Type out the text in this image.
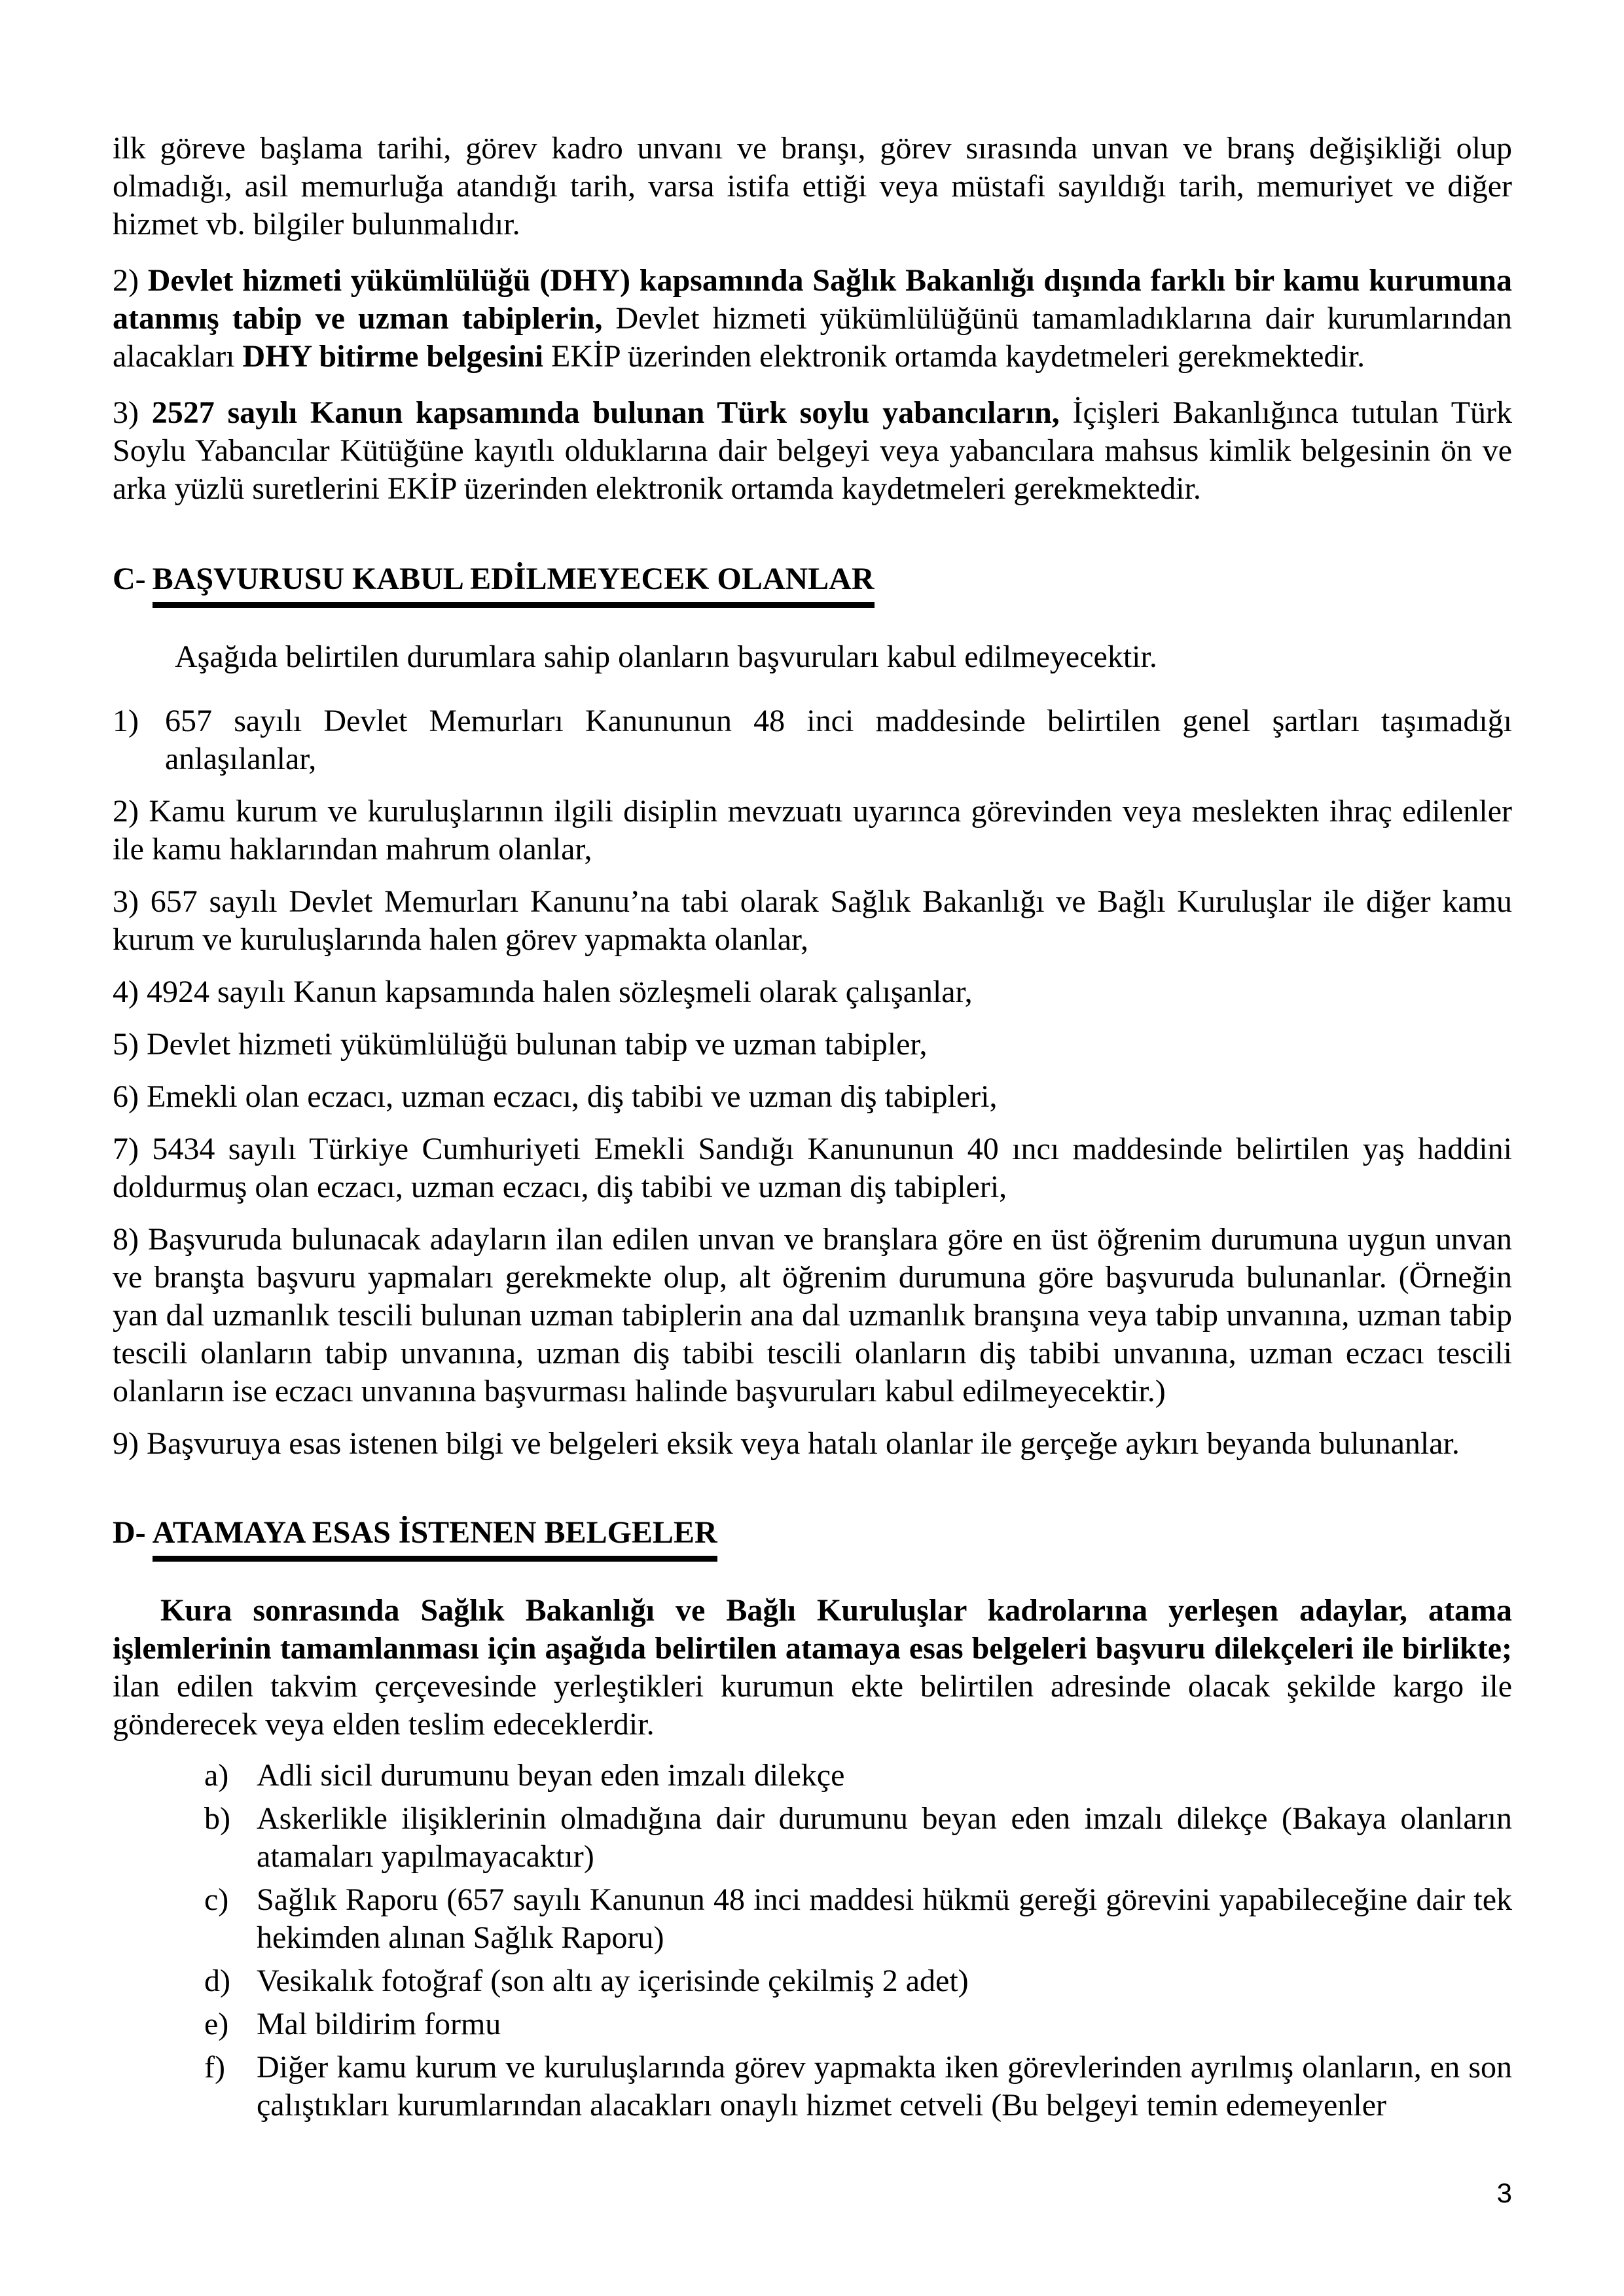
ilk göreve başlama tarihi, görev kadro unvanı ve branşı, görev sırasında unvan ve branş değişikliği olup olmadığı, asil memurluğa atandığı tarih, varsa istifa ettiği veya müstafi sayıldığı tarih, memuriyet ve diğer hizmet vb. bilgiler bulunmalıdır.

2) Devlet hizmeti yükümlülüğü (DHY) kapsamında Sağlık Bakanlığı dışında farklı bir kamu kurumuna atanmış tabip ve uzman tabiplerin, Devlet hizmeti yükümlülüğünü tamamladıklarına dair kurumlarından alacakları DHY bitirme belgesini EKİP üzerinden elektronik ortamda kaydetmeleri gerekmektedir.

3) 2527 sayılı Kanun kapsamında bulunan Türk soylu yabancıların, İçişleri Bakanlığınca tutulan Türk Soylu Yabancılar Kütüğüne kayıtlı olduklarına dair belgeyi veya yabancılara mahsus kimlik belgesinin ön ve arka yüzlü suretlerini EKİP üzerinden elektronik ortamda kaydetmeleri gerekmektedir.

C- BAŞVURUSU KABUL EDİLMEYECEK OLANLAR

Aşağıda belirtilen durumlara sahip olanların başvuruları kabul edilmeyecektir.

1) 657 sayılı Devlet Memurları Kanununun 48 inci maddesinde belirtilen genel şartları taşımadığı anlaşılanlar,

2) Kamu kurum ve kuruluşlarının ilgili disiplin mevzuatı uyarınca görevinden veya meslekten ihraç edilenler ile kamu haklarından mahrum olanlar,

3) 657 sayılı Devlet Memurları Kanunu’na tabi olarak Sağlık Bakanlığı ve Bağlı Kuruluşlar ile diğer kamu kurum ve kuruluşlarında halen görev yapmakta olanlar,

4) 4924 sayılı Kanun kapsamında halen sözleşmeli olarak çalışanlar,

5) Devlet hizmeti yükümlülüğü bulunan tabip ve uzman tabipler,

6) Emekli olan eczacı, uzman eczacı, diş tabibi ve uzman diş tabipleri,

7) 5434 sayılı Türkiye Cumhuriyeti Emekli Sandığı Kanununun 40 ıncı maddesinde belirtilen yaş haddini doldurmuş olan eczacı, uzman eczacı, diş tabibi ve uzman diş tabipleri,

8) Başvuruda bulunacak adayların ilan edilen unvan ve branşlara göre en üst öğrenim durumuna uygun unvan ve branşta başvuru yapmaları gerekmekte olup, alt öğrenim durumuna göre başvuruda bulunanlar. (Örneğin yan dal uzmanlık tescili bulunan uzman tabiplerin ana dal uzmanlık branşına veya tabip unvanına, uzman tabip tescili olanların tabip unvanına, uzman diş tabibi tescili olanların diş tabibi unvanına, uzman eczacı tescili olanların ise eczacı unvanına başvurması halinde başvuruları kabul edilmeyecektir.)

9) Başvuruya esas istenen bilgi ve belgeleri eksik veya hatalı olanlar ile gerçeğe aykırı beyanda bulunanlar.

D- ATAMAYA ESAS İSTENEN BELGELER

Kura sonrasında Sağlık Bakanlığı ve Bağlı Kuruluşlar kadrolarına yerleşen adaylar, atama işlemlerinin tamamlanması için aşağıda belirtilen atamaya esas belgeleri başvuru dilekçeleri ile birlikte; ilan edilen takvim çerçevesinde yerleştikleri kurumun ekte belirtilen adresinde olacak şekilde kargo ile gönderecek veya elden teslim edeceklerdir.

a) Adli sicil durumunu beyan eden imzalı dilekçe
b) Askerlikle ilişiklerinin olmadığına dair durumunu beyan eden imzalı dilekçe (Bakaya olanların atamaları yapılmayacaktır)
c) Sağlık Raporu (657 sayılı Kanunun 48 inci maddesi hükmü gereği görevini yapabileceğine dair tek hekimden alınan Sağlık Raporu)
d) Vesikalık fotoğraf (son altı ay içerisinde çekilmiş 2 adet)
e) Mal bildirim formu
f) Diğer kamu kurum ve kuruluşlarında görev yapmakta iken görevlerinden ayrılmış olanların, en son çalıştıkları kurumlarından alacakları onaylı hizmet cetveli (Bu belgeyi temin edemeyenler
3
